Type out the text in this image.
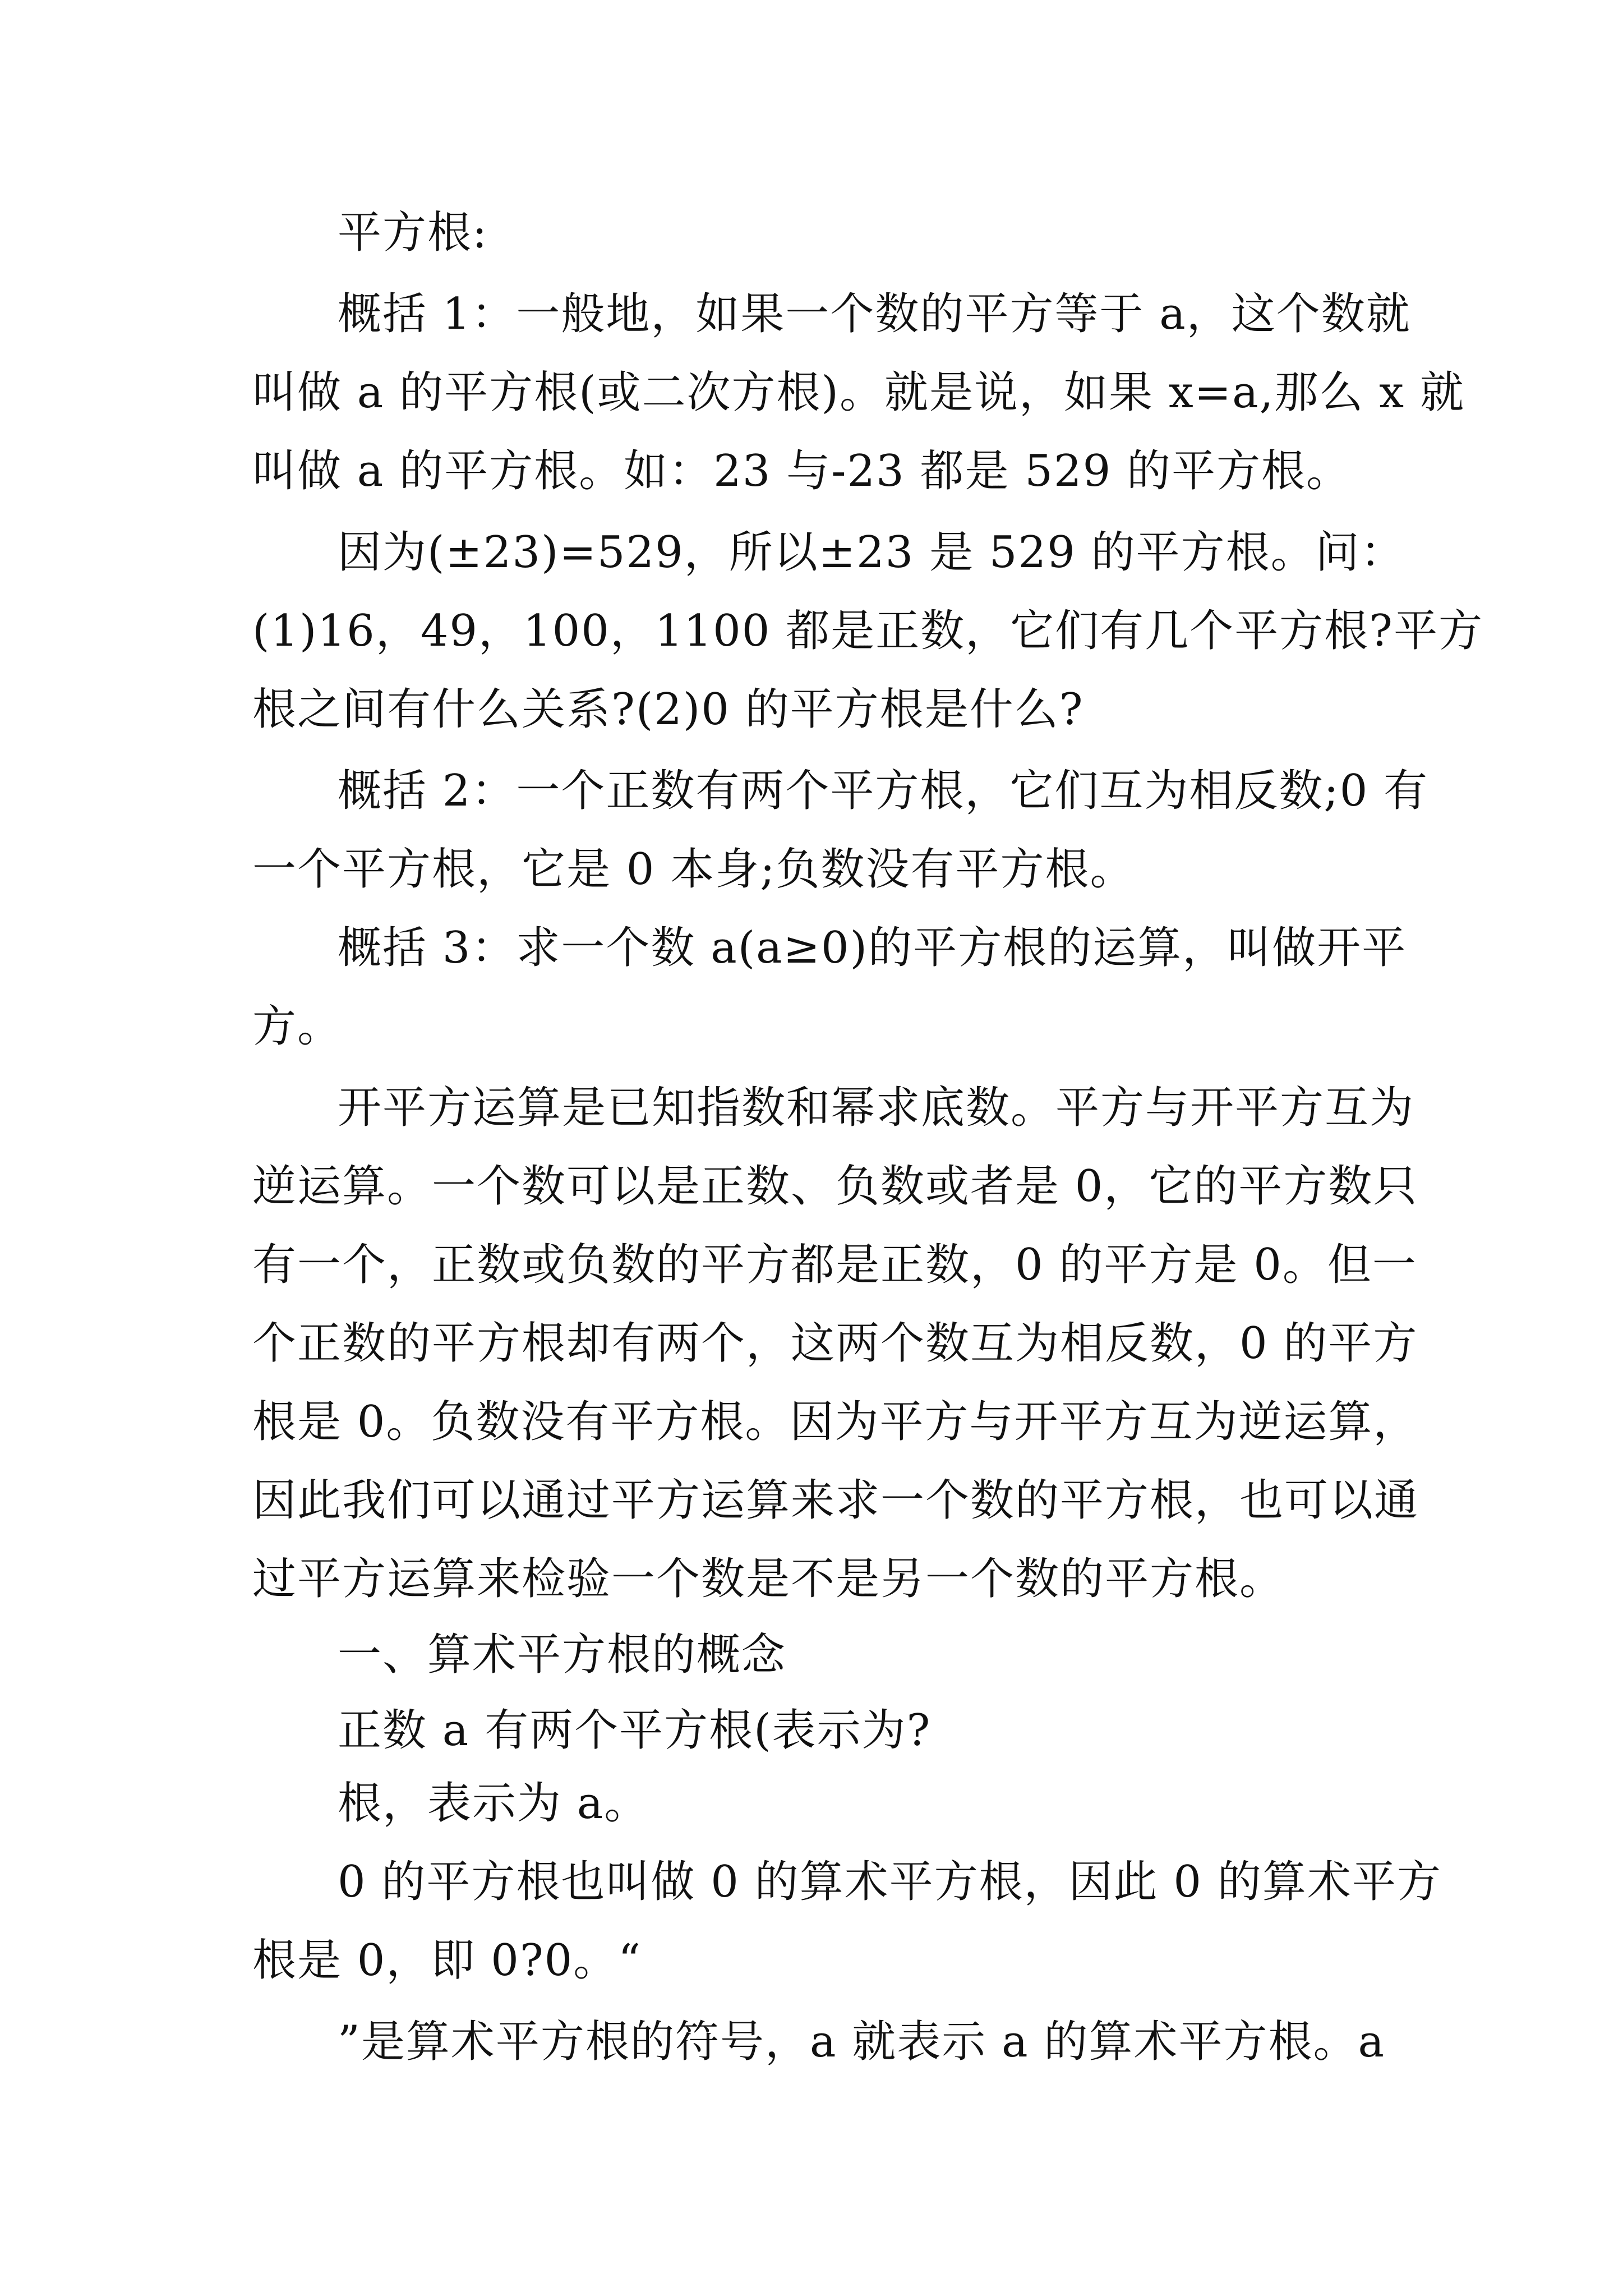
平方根:
概括 1：一般地，如果一个数的平方等于 a，这个数就
叫做 a 的平方根(或二次方根)。就是说，如果 x=a,那么 x 就
叫做 a 的平方根。如：23 与-23 都是 529 的平方根。
因为(±23)=529，所以±23 是 529 的平方根。问：
(1)16，49，100，1100 都是正数，它们有几个平方根?平方
根之间有什么关系?(2)0 的平方根是什么?
概括 2：一个正数有两个平方根，它们互为相反数;0 有
一个平方根，它是 0 本身;负数没有平方根。
概括 3：求一个数 a(a≥0)的平方根的运算，叫做开平
方。
开平方运算是已知指数和幂求底数。平方与开平方互为
逆运算。一个数可以是正数、负数或者是 0，它的平方数只
有一个，正数或负数的平方都是正数，0 的平方是 0。但一
个正数的平方根却有两个，这两个数互为相反数，0 的平方
根是 0。负数没有平方根。因为平方与开平方互为逆运算，
因此我们可以通过平方运算来求一个数的平方根，也可以通
过平方运算来检验一个数是不是另一个数的平方根。
一、算术平方根的概念
正数 a 有两个平方根(表示为?
根，表示为 a。
0 的平方根也叫做 0 的算术平方根，因此 0 的算术平方
根是 0，即 0?0。“
”是算术平方根的符号，a 就表示 a 的算术平方根。a
